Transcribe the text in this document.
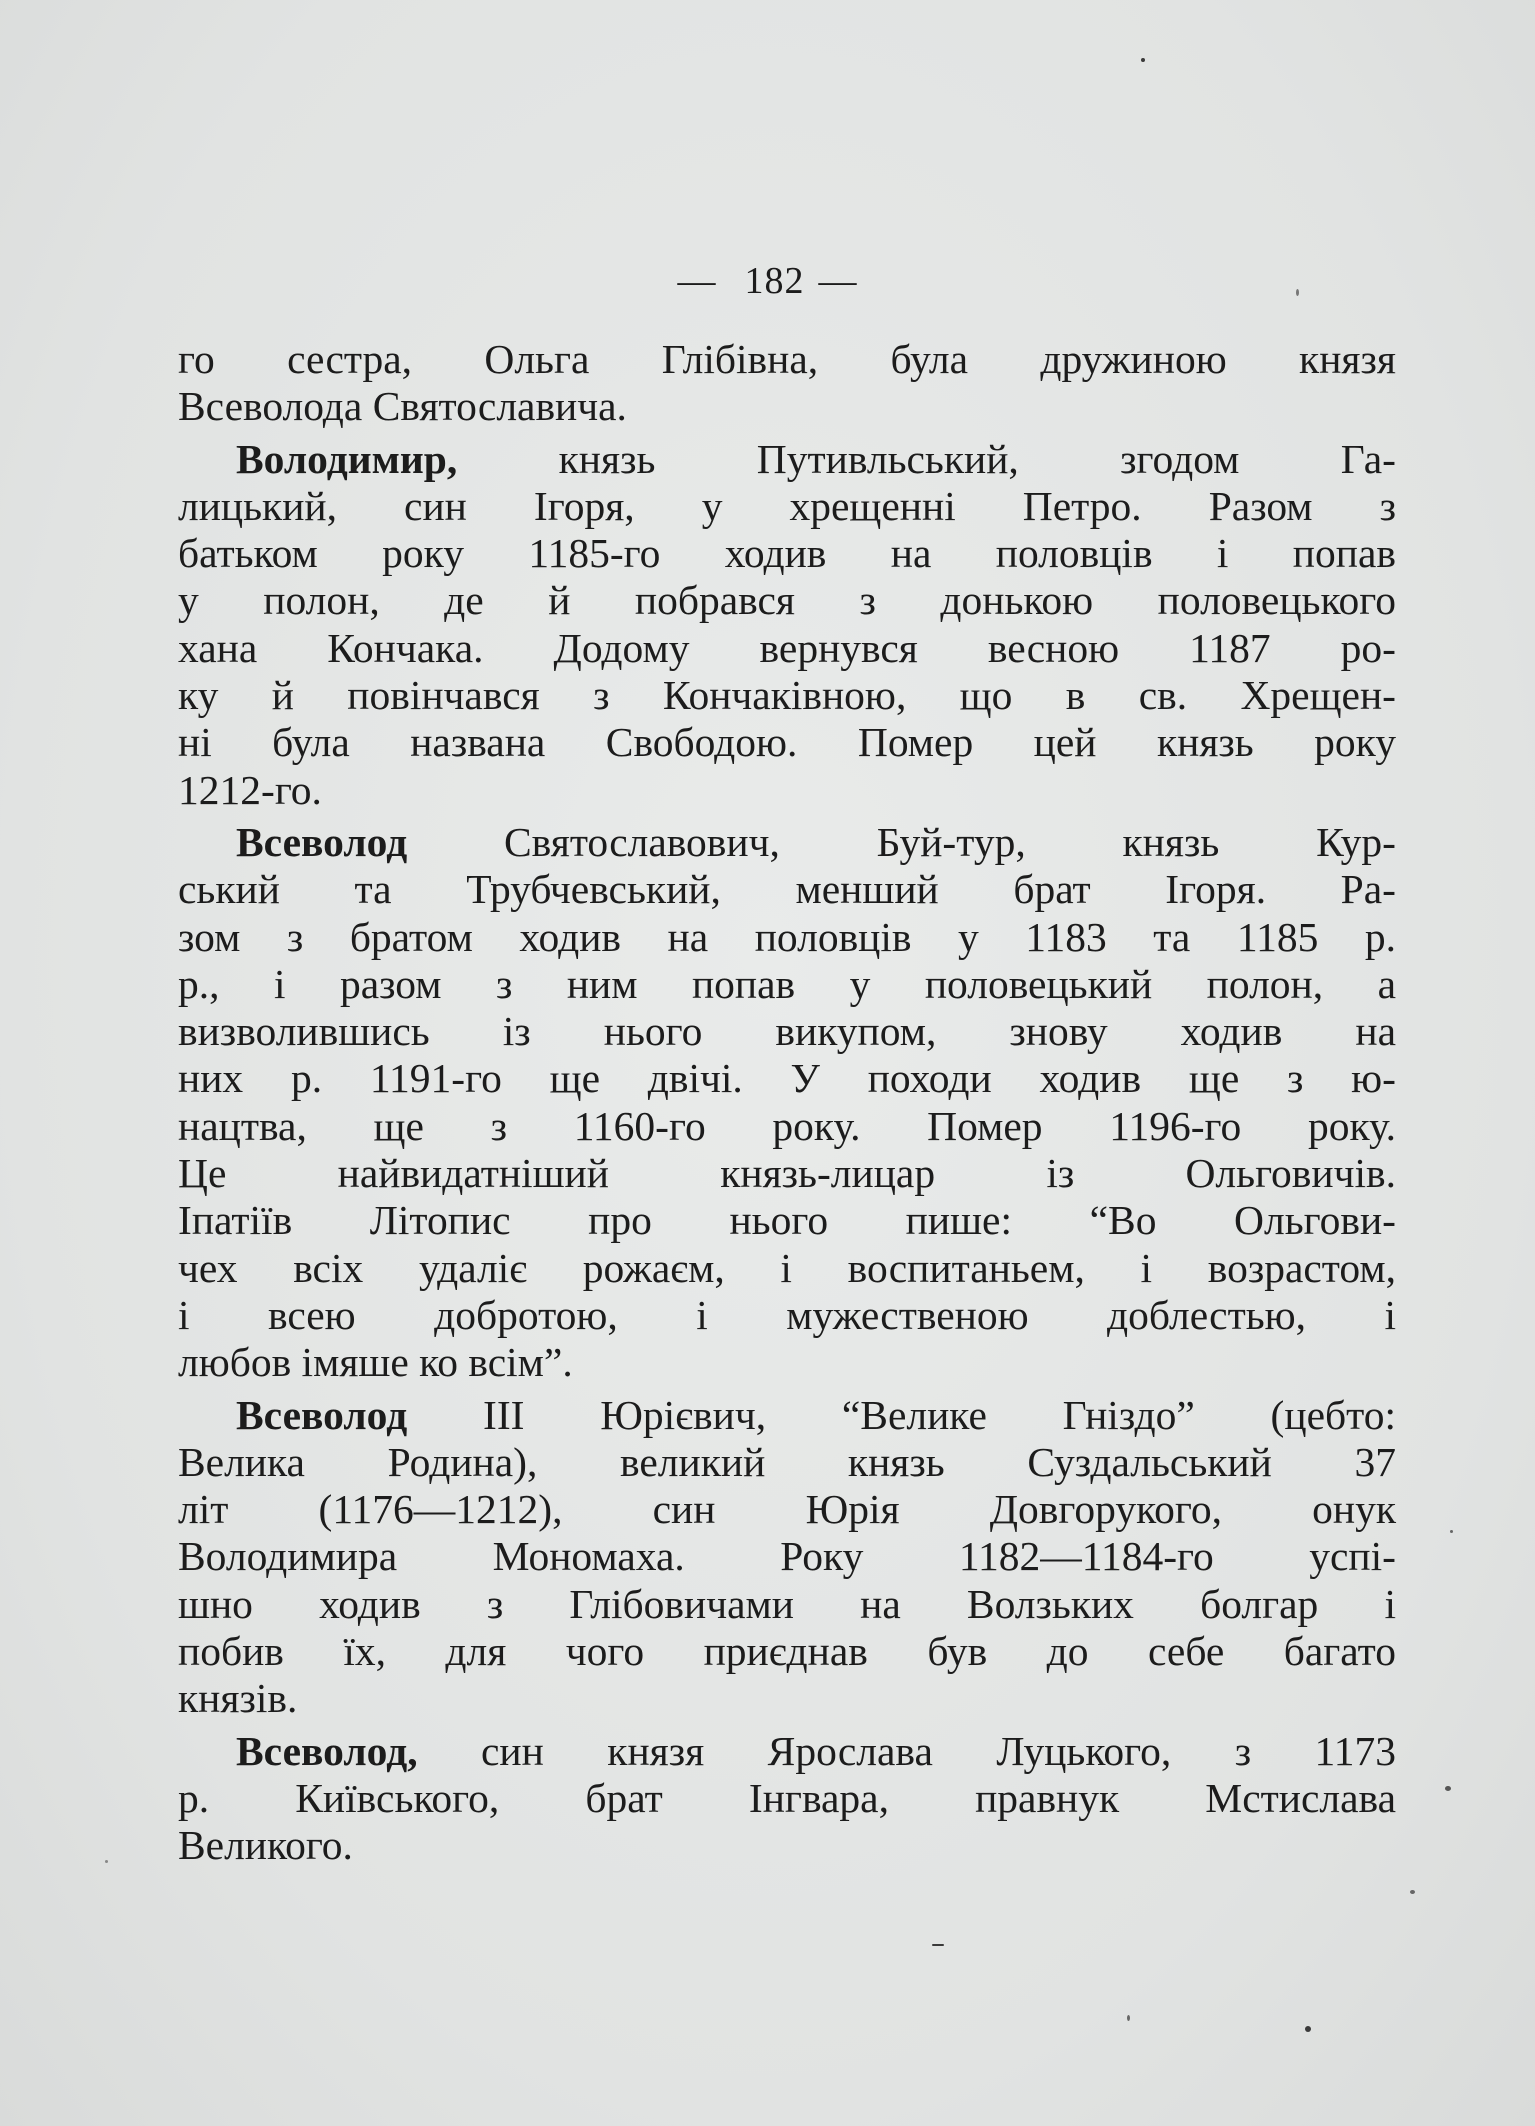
— 182 —
го сестра, Ольга Глібівна, була дружиною князя
Всеволода Святославича.
Володимир, князь Путивльський, згодом Га-
лицький, син Ігоря, у хрещенні Петро. Разом з
батьком року 1185-го ходив на половців і попав
у полон, де й побрався з донькою половецького
хана Кончака. Додому вернувся весною 1187 ро-
ку й повінчався з Кончаківною, що в св. Хрещен-
ні була названа Свободою. Помер цей князь року
1212-го.
Всеволод Святославович, Буй-тур, князь Кур-
ський та Трубчевський, менший брат Ігоря. Ра-
зом з братом ходив на половців у 1183 та 1185 р.
р., і разом з ним попав у половецький полон, а
визволившись із нього викупом, знову ходив на
них р. 1191-го ще двічі. У походи ходив ще з ю-
нацтва, ще з 1160-го року. Помер 1196-го року.
Це найвидатніший князь-лицар із Ольговичів.
Іпатіїв Літопис про нього пише: “Во Ольгови-
чех всіх удаліє рожаєм, і воспитаньем, і возрастом,
і всею добротою, і мужественою доблестью, і
любов імяше ко всім”.
Всеволод III Юрієвич, “Велике Гніздо” (цебто:
Велика Родина), великий князь Суздальський 37
літ (1176—1212), син Юрія Довгорукого, онук
Володимира Мономаха. Року 1182—1184-го успі-
шно ходив з Глібовичами на Волзьких болгар і
побив їх, для чого приєднав був до себе багато
князів.
Всеволод, син князя Ярослава Луцького, з 1173
р. Київського, брат Інгвара, правнук Мстислава
Великого.
